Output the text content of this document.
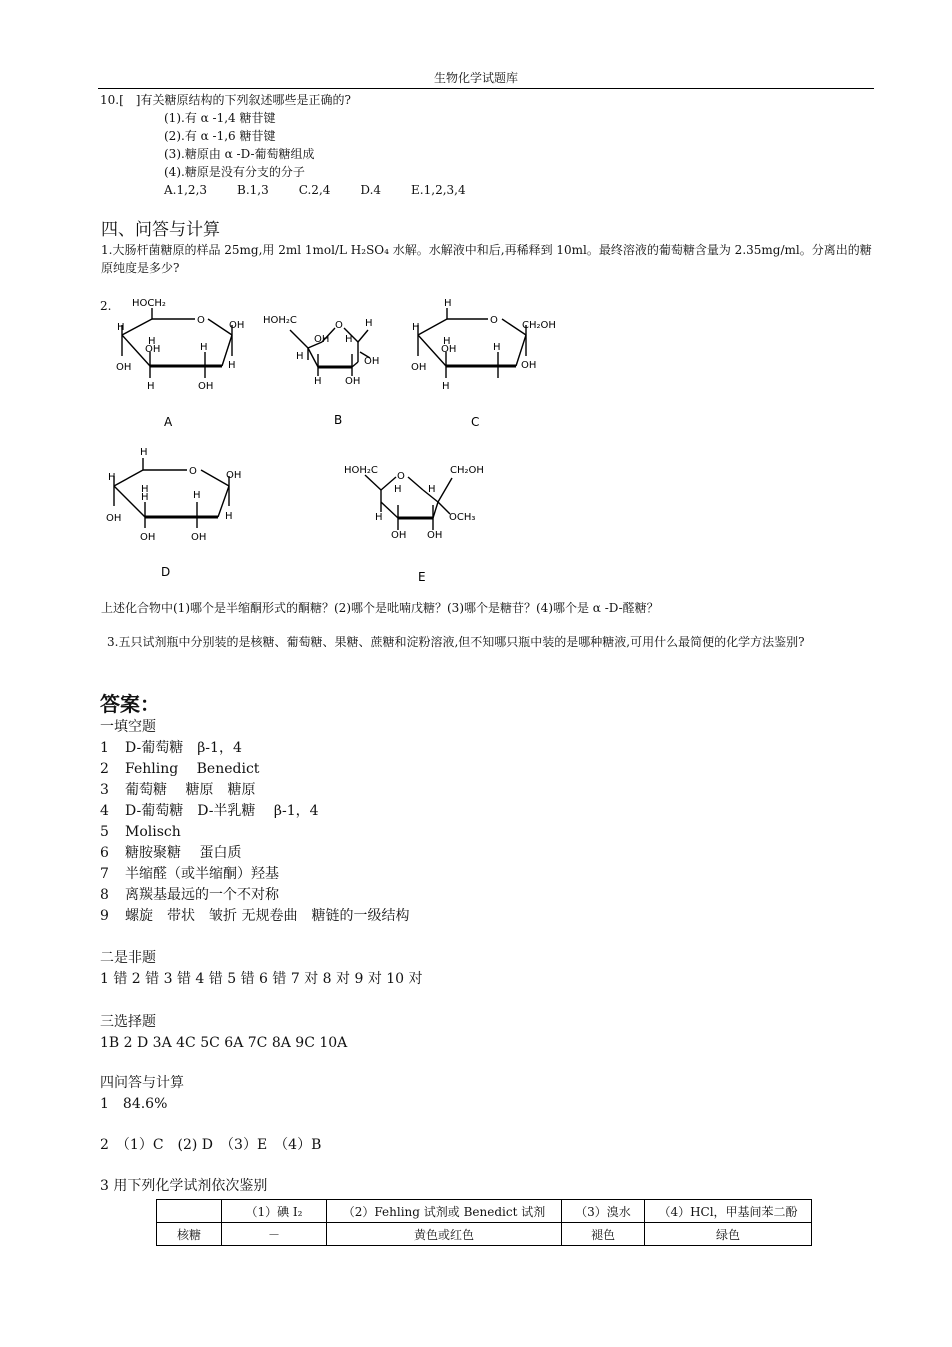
生物化学试题库
10.[　]有关糖原结构的下列叙述哪些是正确的?
(1).有 α -1,4 糖苷键
(2).有 α -1,6 糖苷键
(3).糖原由 α -D-葡萄糖组成
(4).糖原是没有分支的分子
A.1,2,3	B.1,3	C.2,4	D.4	E.1,2,3,4
四、问答与计算
1.大肠杆菌糖原的样品 25mg,用 2ml 1mol/L H₂SO₄ 水解。水解液中和后,再稀释到 10ml。最终溶液的葡萄糖含量为 2.35mg/ml。分离出的糖原纯度是多少?
2. HOCH₂
O OH
H
H
OH	H
OH	H
H	OH
A
HOH₂C	O
OH H
H
H
H
OH
OH
B
H
O CH₂OH
H
H
OH	H
OH
H
OH
C
H
O	OH
H
H
H	H
OH
OH	OH
H
D
HOH₂C
O
CH₂OH
H	H
H	OCH₃
OH OH
E
上述化合物中(1)哪个是半缩酮形式的酮糖？(2)哪个是吡喃戊糖？(3)哪个是糖苷？(4)哪个是 α -D-醛糖？
3.五只试剂瓶中分别装的是核糖、葡萄糖、果糖、蔗糖和淀粉溶液,但不知哪只瓶中装的是哪种糖液,可用什么最简便的化学方法鉴别?
答案：
一填空题
1 D-葡萄糖　β-1，4
2 Fehling　 Benedict
3 葡萄糖　 糖原　糖原
4 D-葡萄糖　D-半乳糖　 β-1，4
5 Molisch
6 糖胺聚糖　 蛋白质
7 半缩醛（或半缩酮）羟基
8 离羰基最远的一个不对称
9 螺旋　带状　皱折 无规卷曲　糖链的一级结构
二是非题
1 错 2 错 3 错 4 错 5 错 6 错 7 对 8 对 9 对 10 对
三选择题
1B 2 D 3A 4C 5C 6A 7C 8A 9C 10A
四问答与计算
1　84.6%
2　（1）C　(2) D　（3）E　（4）B
3 用下列化学试剂依次鉴别
	（1）碘 I₂	（2）Fehling 试剂或 Benedict 试剂	（3）溴水	（4）HCl，甲基间苯二酚
核糖	－	黄色或红色	褪色	绿色
